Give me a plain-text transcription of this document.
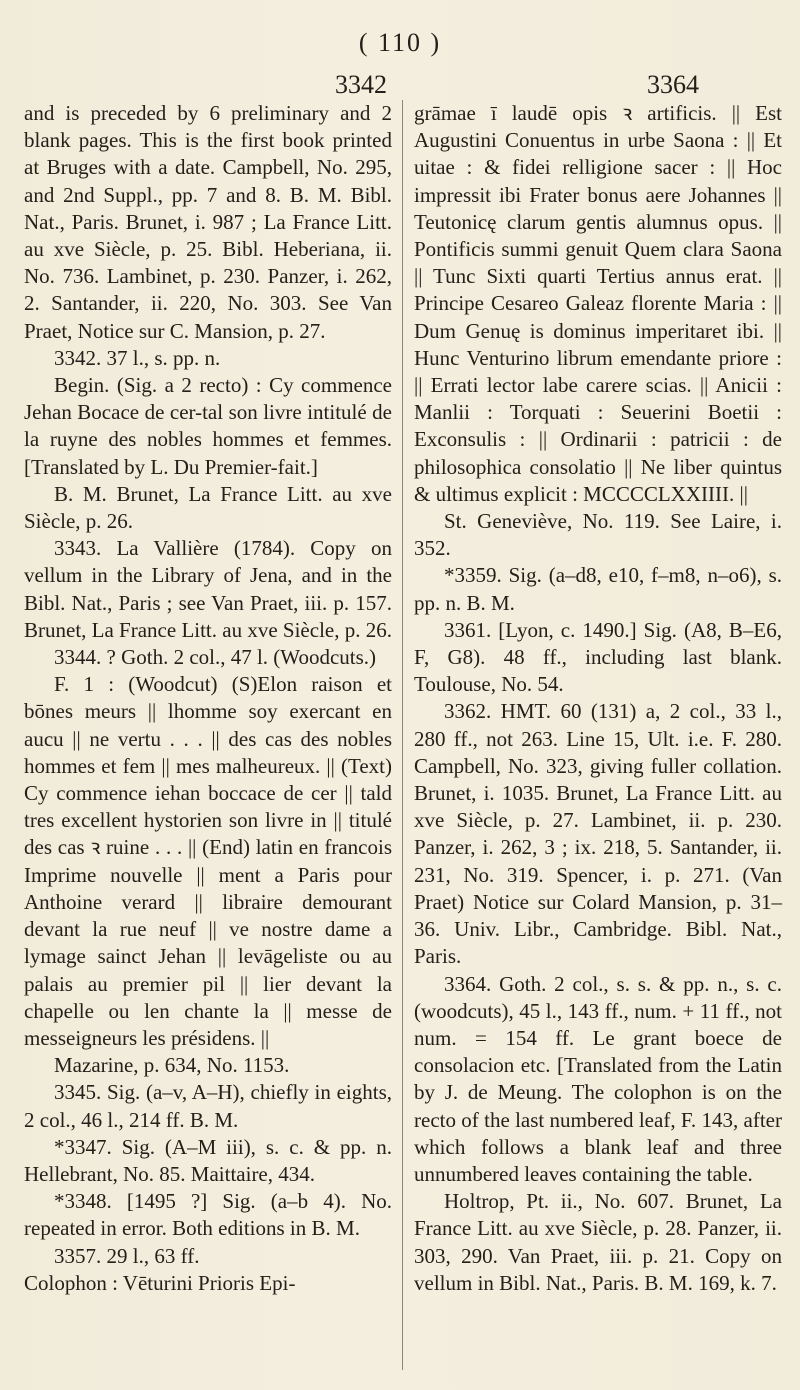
( 110 )
3342	3364

and is preceded by 6 preliminary and 2 blank pages. This is the first book printed at Bruges with a date. Campbell, No. 295, and 2nd Suppl., pp. 7 and 8. B. M. Bibl. Nat., Paris. Brunet, i. 987 ; La France Litt. au xve Siècle, p. 25. Bibl. Heberiana, ii. No. 736. Lambinet, p. 230. Panzer, i. 262, 2. Santander, ii. 220, No. 303. See Van Praet, Notice sur C. Mansion, p. 27.

3342. 37 l., s. pp. n.

Begin. (Sig. a 2 recto) : Cy commence Jehan Bocace de cer-tal son livre intitulé de la ruyne des nobles hommes et femmes. [Translated by L. Du Premier-fait.]

B. M. Brunet, La France Litt. au xve Siècle, p. 26.

3343. La Vallière (1784). Copy on vellum in the Library of Jena, and in the Bibl. Nat., Paris ; see Van Praet, iii. p. 157. Brunet, La France Litt. au xve Siècle, p. 26.

3344. ? Goth. 2 col., 47 l. (Woodcuts.)

F. 1 : (Woodcut) (S)Elon raison et bōnes meurs || lhomme soy exercant en aucu || ne vertu . . . || des cas des nobles hommes et fem || mes malheureux. || (Text) Cy commence iehan boccace de cer || tald tres excellent hystorien son livre in || titulé des cas ꝛ ruine . . . || (End) latin en francois Imprime nouvelle || ment a Paris pour Anthoine verard || libraire demourant devant la rue neuf || ve nostre dame a lymage sainct Jehan || levāgeliste ou au palais au premier pil || lier devant la chapelle ou len chante la || messe de messeigneurs les présidens. ||

Mazarine, p. 634, No. 1153.

3345. Sig. (a–v, A–H), chiefly in eights, 2 col., 46 l., 214 ff. B. M.

*3347. Sig. (A–M iii), s. c. & pp. n. Hellebrant, No. 85. Maittaire, 434.

*3348. [1495 ?] Sig. (a–b 4). No. repeated in error. Both editions in B. M.

3357. 29 l., 63 ff.

Colophon : Vēturini Prioris Epi-

grāmae ī laudē opis ꝛ artificis. || Est Augustini Conuentus in urbe Saona : || Et uitae : & fidei relligione sacer : || Hoc impressit ibi Frater bonus aere Johannes || Teutonicę clarum gentis alumnus opus. || Pontificis summi genuit Quem clara Saona || Tunc Sixti quarti Tertius annus erat. || Principe Cesareo Galeaz florente Maria : || Dum Genuę is dominus imperitaret ibi. || Hunc Venturino librum emendante priore : || Errati lector labe carere scias. || Anicii : Manlii : Torquati : Seuerini Boetii : Exconsulis : || Ordinarii : patricii : de philosophica consolatio || Ne liber quintus & ultimus explicit : MCCCCLXXIIII. ||

St. Geneviève, No. 119. See Laire, i. 352.

*3359. Sig. (a–d8, e10, f–m8, n–o6), s. pp. n. B. M.

3361. [Lyon, c. 1490.] Sig. (A8, B–E6, F, G8). 48 ff., including last blank. Toulouse, No. 54.

3362. HMT. 60 (131) a, 2 col., 33 l., 280 ff., not 263. Line 15, Ult. i.e. F. 280. Campbell, No. 323, giving fuller collation. Brunet, i. 1035. Brunet, La France Litt. au xve Siècle, p. 27. Lambinet, ii. p. 230. Panzer, i. 262, 3 ; ix. 218, 5. Santander, ii. 231, No. 319. Spencer, i. p. 271. (Van Praet) Notice sur Colard Mansion, p. 31–36. Univ. Libr., Cambridge. Bibl. Nat., Paris.

3364. Goth. 2 col., s. s. & pp. n., s. c. (woodcuts), 45 l., 143 ff., num. + 11 ff., not num. = 154 ff. Le grant boece de consolacion etc. [Translated from the Latin by J. de Meung. The colophon is on the recto of the last numbered leaf, F. 143, after which follows a blank leaf and three unnumbered leaves containing the table.

Holtrop, Pt. ii., No. 607. Brunet, La France Litt. au xve Siècle, p. 28. Panzer, ii. 303, 290. Van Praet, iii. p. 21. Copy on vellum in Bibl. Nat., Paris. B. M. 169, k. 7.
